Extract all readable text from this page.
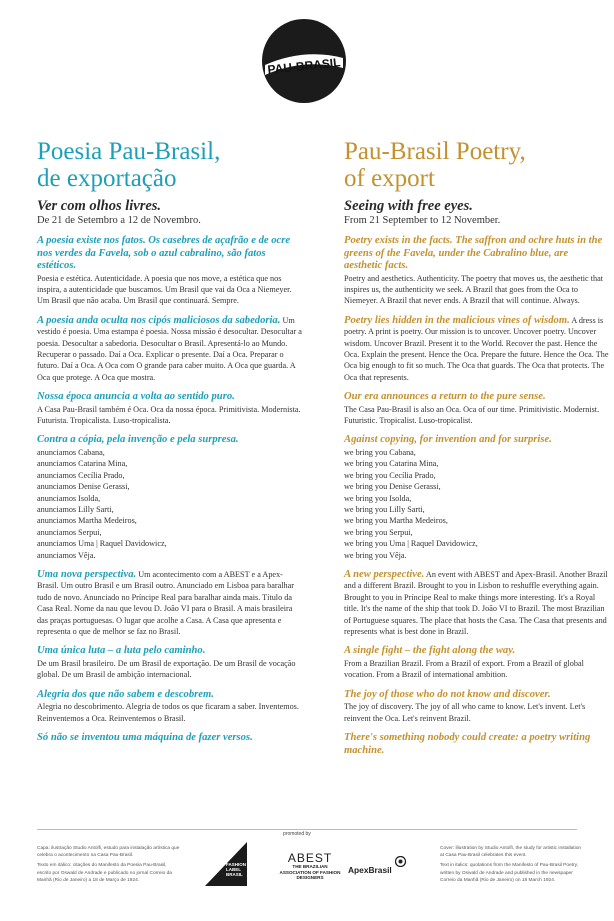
PAU-BRASIL
Poesia Pau-Brasil,
de exportação
Ver com olhos livres.
De 21 de Setembro a 12 de Novembro.
A poesia existe nos fatos. Os casebres de açafrão e de ocre nos verdes da Favela, sob o azul cabralino, são fatos estéticos.
Poesia e estética. Autenticidade. A poesia que nos move, a estética que nos inspira, a autenticidade que buscamos. Um Brasil que vai da Oca a Niemeyer. Um Brasil que não acaba. Um Brasil que continuará. Sempre.
A poesia anda oculta nos cipós maliciosos da sabedoria. Um vestido é poesia. Uma estampa é poesia. Nossa missão é desocultar. Desocultar a poesia. Desocultar a sabedoria. Desocultar o Brasil. Apresentá-lo ao Mundo. Recuperar o passado. Daí a Oca. Explicar o presente. Daí a Oca. Preparar o futuro. Daí a Oca. A Oca com O grande para caber muito. A Oca que guarda. A Oca que protege. A Oca que mostra.
Nossa época anuncia a volta ao sentido puro.
A Casa Pau-Brasil também é Oca. Oca da nossa época. Primitivista. Modernista. Futurista. Tropicalista. Luso-tropicalista.
Contra a cópia, pela invenção e pela surpresa.
anunciamos Cabana,
anunciamos Catarina Mina,
anunciamos Cecília Prado,
anunciamos Denise Gerassi,
anunciamos Isolda,
anunciamos Lilly Sarti,
anunciamos Martha Medeiros,
anunciamos Serpui,
anunciamos Uma | Raquel Davidowicz,
anunciamos Vêja.
Uma nova perspectiva. Um acontecimento com a ABEST e a Apex-Brasil. Um outro Brasil e um Brasil outro. Anunciado em Lisboa para baralhar tudo de novo. Anunciado no Príncipe Real para baralhar ainda mais. Título da Casa Real. Nome da nau que levou D. João VI para o Brasil. A mais brasileira das praças portuguesas. O lugar que acolhe a Casa. A Casa que apresenta e representa o que de melhor se faz no Brasil.
Uma única luta – a luta pelo caminho.
De um Brasil brasileiro. De um Brasil de exportação. De um Brasil de vocação global. De um Brasil de ambição internacional.
Alegria dos que não sabem e descobrem.
Alegria no descobrimento. Alegria de todos os que ficaram a saber. Inventemos. Reinventemos a Oca. Reinventemos o Brasil.
Só não se inventou uma máquina de fazer versos.
Pau-Brasil Poetry,
of export
Seeing with free eyes.
From 21 September to 12 November.
Poetry exists in the facts. The saffron and ochre huts in the greens of the Favela, under the Cabralino blue, are aesthetic facts.
Poetry and aesthetics. Authenticity. The poetry that moves us, the aesthetic that inspires us, the authenticity we seek. A Brazil that goes from the Oca to Niemeyer. A Brazil that never ends. A Brazil that will continue. Always.
Poetry lies hidden in the malicious vines of wisdom. A dress is poetry. A print is poetry. Our mission is to uncover. Uncover poetry. Uncover wisdom. Uncover Brazil. Present it to the World. Recover the past. Hence the Oca. Explain the present. Hence the Oca. Prepare the future. Hence the Oca. The Oca big enough to fit so much. The Oca that guards. The Oca that protects. The Oca that represents.
Our era announces a return to the pure sense.
The Casa Pau-Brasil is also an Oca. Oca of our time. Primitivistic. Modernist. Futuristic. Tropicalist. Luso-tropicalist.
Against copying, for invention and for surprise.
we bring you Cabana,
we bring you Catarina Mina,
we bring you Cecília Prado,
we bring you Denise Gerassi,
we bring you Isolda,
we bring you Lilly Sarti,
we bring you Martha Medeiros,
we bring you Serpui,
we bring you Uma | Raquel Davidowicz,
we bring you Vêja.
A new perspective. An event with ABEST and Apex-Brasil. Another Brazil and a different Brazil. Brought to you in Lisbon to reshuffle everything again. Brought to you in Príncipe Real to make things more interesting. It's a Royal title. It's the name of the ship that took D. João VI to Brazil. The most Brazilian of Portuguese squares. The place that hosts the Casa. The Casa that presents and represents what is best done in Brazil.
A single fight – the fight along the way.
From a Brazilian Brazil. From a Brazil of export. From a Brazil of global vocation. From a Brazil of international ambition.
The joy of those who do not know and discover.
The joy of discovery. The joy of all who came to know. Let's invent. Let's reinvent the Oca. Let's reinvent Brazil.
There's something nobody could create: a poetry writing machine.
promoted by
Capa: ilustração Studio Antolfi, estudo para instalação artística que celebra o acontecimento na Casa Pau-Brasil.
Texto em itálico: citações do Manifesto da Poesia Pau-Brasil, escrito por Oswald de Andrade e publicado no jornal Correio da Manhã (Rio de Janeiro) a 18 de Março de 1924.
FASHION
LABEL
BRASIL
ABEST
THE BRAZILIAN ASSOCIATION OF FASHION DESIGNERS
ApexBrasil
Cover: illustration by Studio Antolfi, the study for artistic installation at Casa Pau-Brasil celebrates this event.
Text in italics: quotations from the Manifesto of Pau-Brasil Poetry, written by Oswald de Andrade and published in the newspaper Correio da Manhã (Rio de Janeiro) on 18 March 1924.
